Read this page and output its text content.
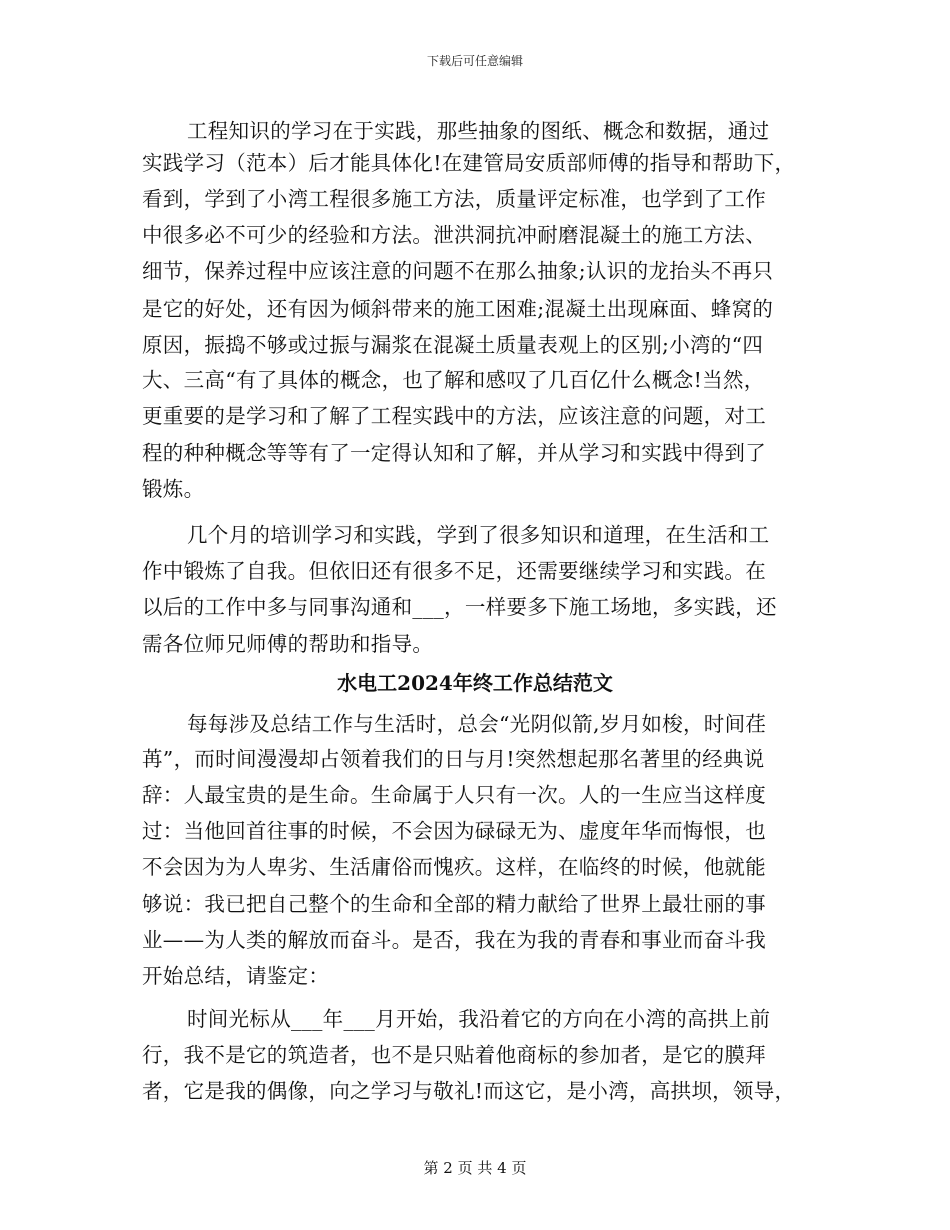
下载后可任意编辑
工程知识的学习在于实践，那些抽象的图纸、概念和数据，通过
实践学习（范本）后才能具体化!在建管局安质部师傅的指导和帮助下，
看到，学到了小湾工程很多施工方法，质量评定标准，也学到了工作
中很多必不可少的经验和方法。泄洪洞抗冲耐磨混凝土的施工方法、
细节，保养过程中应该注意的问题不在那么抽象;认识的龙抬头不再只
是它的好处，还有因为倾斜带来的施工困难;混凝土出现麻面、蜂窝的
原因，振捣不够或过振与漏浆在混凝土质量表观上的区别;小湾的“四
大、三高“有了具体的概念，也了解和感叹了几百亿什么概念!当然，
更重要的是学习和了解了工程实践中的方法，应该注意的问题，对工
程的种种概念等等有了一定得认知和了解，并从学习和实践中得到了
锻炼。
几个月的培训学习和实践，学到了很多知识和道理，在生活和工
作中锻炼了自我。但依旧还有很多不足，还需要继续学习和实践。在
以后的工作中多与同事沟通和___，一样要多下施工场地，多实践，还
需各位师兄师傅的帮助和指导。
水电工2024年终工作总结范文
每每涉及总结工作与生活时，总会“光阴似箭,岁月如梭，时间荏
苒”，而时间漫漫却占领着我们的日与月!突然想起那名著里的经典说
辞：人最宝贵的是生命。生命属于人只有一次。人的一生应当这样度
过：当他回首往事的时候，不会因为碌碌无为、虚度年华而悔恨，也
不会因为为人卑劣、生活庸俗而愧疚。这样，在临终的时候，他就能
够说：我已把自己整个的生命和全部的精力献给了世界上最壮丽的事
业——为人类的解放而奋斗。是否，我在为我的青春和事业而奋斗我
开始总结，请鉴定：
时间光标从___年___月开始，我沿着它的方向在小湾的高拱上前
行，我不是它的筑造者，也不是只贴着他商标的参加者，是它的膜拜
者，它是我的偶像，向之学习与敬礼!而这它，是小湾，高拱坝，领导，
第 2 页 共 4 页
